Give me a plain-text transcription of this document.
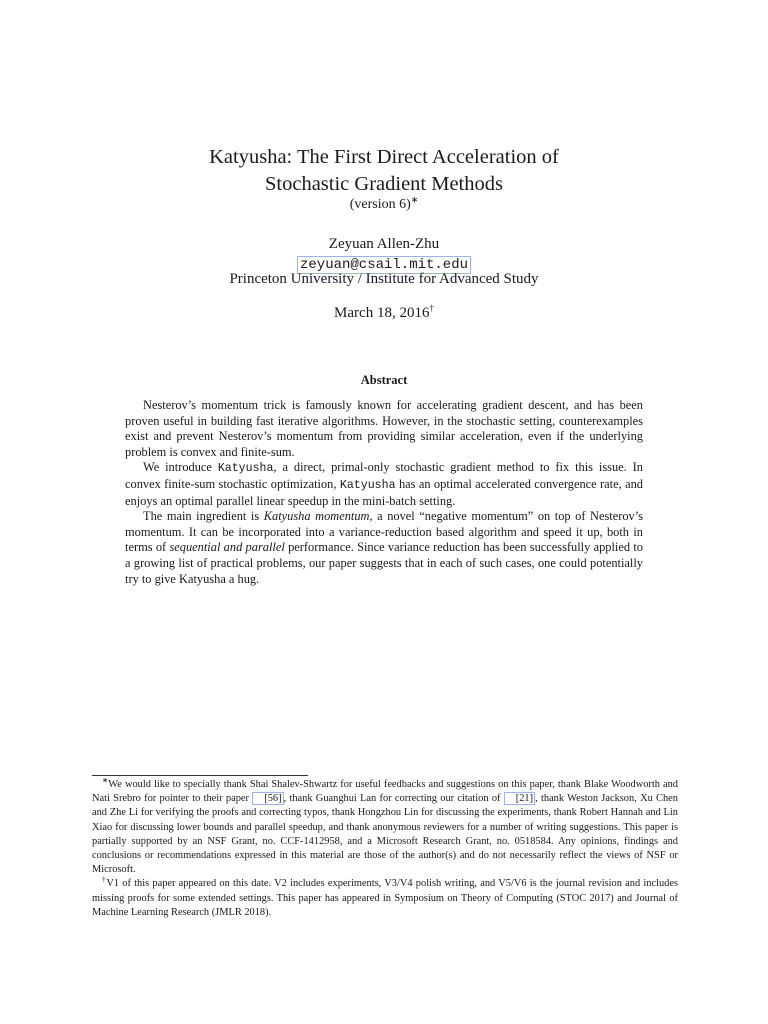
Katyusha: The First Direct Acceleration of
Stochastic Gradient Methods
(version 6)∗
Zeyuan Allen-Zhu
zeyuan@csail.mit.edu
Princeton University / Institute for Advanced Study
March 18, 2016†
Abstract

Nesterov’s momentum trick is famously known for accelerating gradient descent, and has been proven useful in building fast iterative algorithms. However, in the stochastic setting, counterexamples exist and prevent Nesterov’s momentum from providing similar acceleration, even if the underlying problem is convex and finite-sum.

We introduce Katyusha, a direct, primal-only stochastic gradient method to fix this issue. In convex finite-sum stochastic optimization, Katyusha has an optimal accelerated convergence rate, and enjoys an optimal parallel linear speedup in the mini-batch setting.

The main ingredient is Katyusha momentum, a novel “negative momentum” on top of Nesterov’s momentum. It can be incorporated into a variance-reduction based algorithm and speed it up, both in terms of sequential and parallel performance. Since variance reduction has been successfully applied to a growing list of practical problems, our paper suggests that in each of such cases, one could potentially try to give Katyusha a hug.

∗We would like to specially thank Shai Shalev-Shwartz for useful feedbacks and suggestions on this paper, thank Blake Woodworth and Nati Srebro for pointer to their paper [56] , thank Guanghui Lan for correcting our citation of [21] , thank Weston Jackson, Xu Chen and Zhe Li for verifying the proofs and correcting typos, thank Hongzhou Lin for discussing the experiments, thank Robert Hannah and Lin Xiao for discussing lower bounds and parallel speedup, and thank anonymous reviewers for a number of writing suggestions. This paper is partially supported by an NSF Grant, no. CCF-1412958, and a Microsoft Research Grant, no. 0518584. Any opinions, findings and conclusions or recommendations expressed in this material are those of the author(s) and do not necessarily reflect the views of NSF or Microsoft.

†V1 of this paper appeared on this date. V2 includes experiments, V3/V4 polish writing, and V5/V6 is the journal revision and includes missing proofs for some extended settings. This paper has appeared in Symposium on Theory of Computing (STOC 2017) and Journal of Machine Learning Research (JMLR 2018).
